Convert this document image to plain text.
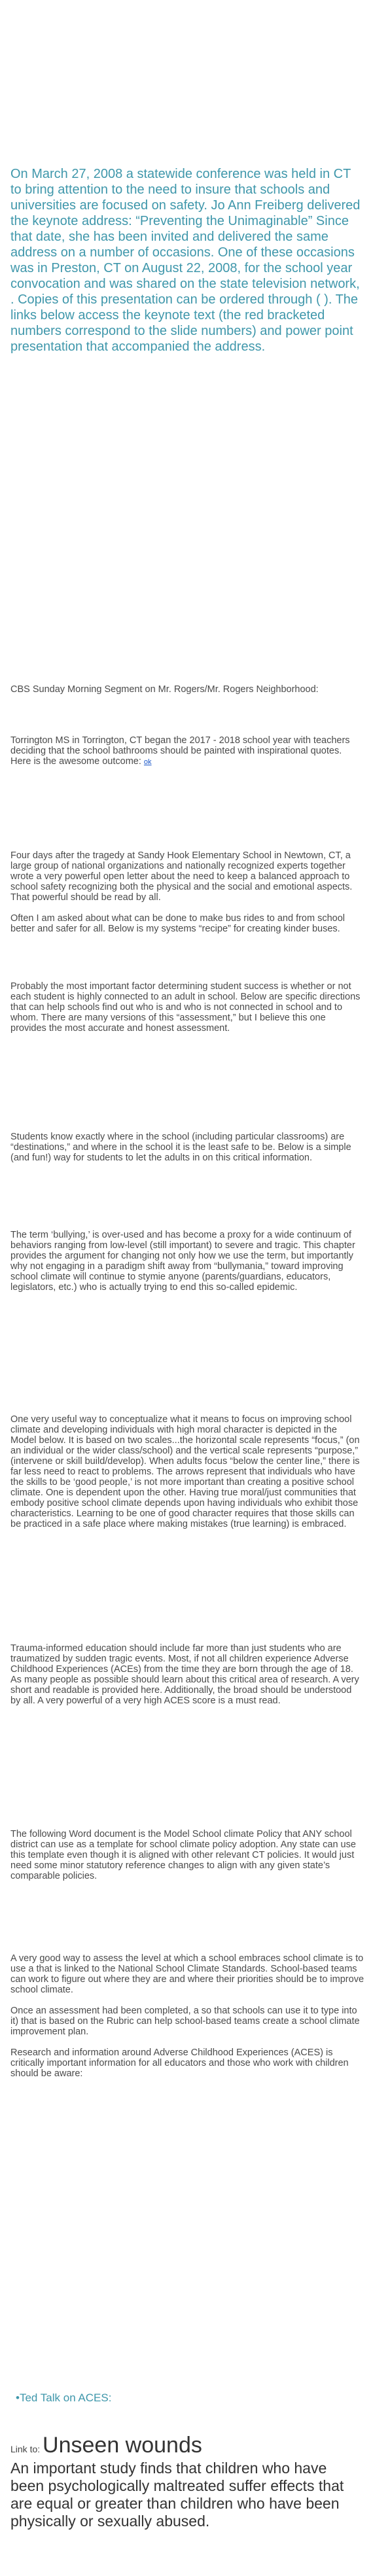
On March 27, 2008 a statewide conference was held in CT to bring attention to the need to insure that schools and universities are focused on safety. Jo Ann Freiberg delivered the keynote address: “Preventing the Unimaginable” Since that date, she has been invited and delivered the same address on a number of occasions. One of these occasions was in Preston, CT on August 22, 2008, for the school year convocation and was shared on the state television network, . Copies of this presentation can be ordered through ( ). The links below access the keynote text (the red bracketed numbers correspond to the slide numbers) and power point presentation that accompanied the address.

CBS Sunday Morning Segment on Mr. Rogers/Mr. Rogers Neighborhood:

Torrington MS in Torrington, CT began the 2017 - 2018 school year with teachers deciding that the school bathrooms should be painted with inspirational quotes. Here is the awesome outcome: ok

Four days after the tragedy at Sandy Hook Elementary School in Newtown, CT, a large group of national organizations and nationally recognized experts together wrote a very powerful open letter about the need to keep a balanced approach to school safety recognizing both the physical and the social and emotional aspects. That powerful should be read by all.

Often I am asked about what can be done to make bus rides to and from school better and safer for all. Below is my systems “recipe” for creating kinder buses.

Probably the most important factor determining student success is whether or not each student is highly connected to an adult in school. Below are specific directions that can help schools find out who is and who is not connected in school and to whom. There are many versions of this “assessment,” but I believe this one provides the most accurate and honest assessment.

Students know exactly where in the school (including particular classrooms) are “destinations,” and where in the school it is the least safe to be. Below is a simple (and fun!) way for students to let the adults in on this critical information.

The term ‘bullying,’ is over-used and has become a proxy for a wide continuum of behaviors ranging from low-level (still important) to severe and tragic. This chapter provides the argument for changing not only how we use the term, but importantly why not engaging in a paradigm shift away from “bullymania,” toward improving school climate will continue to stymie anyone (parents/guardians, educators, legislators, etc.) who is actually trying to end this so-called epidemic.

One very useful way to conceptualize what it means to focus on improving school climate and developing individuals with high moral character is depicted in the Model below. It is based on two scales...the horizontal scale represents “focus,” (on an individual or the wider class/school) and the vertical scale represents “purpose,” (intervene or skill build/develop). When adults focus “below the center line,” there is far less need to react to problems. The arrows represent that individuals who have the skills to be ‘good people,’ is not more important than creating a positive school climate. One is dependent upon the other. Having true moral/just communities that embody positive school climate depends upon having individuals who exhibit those characteristics. Learning to be one of good character requires that those skills can be practiced in a safe place where making mistakes (true learning) is embraced.

Trauma-informed education should include far more than just students who are traumatized by sudden tragic events. Most, if not all children experience Adverse Childhood Experiences (ACEs) from the time they are born through the age of 18. As many people as possible should learn about this critical area of research. A very short and readable is provided here. Additionally, the broad should be understood by all. A very powerful of a very high ACES score is a must read.

The following Word document is the Model School climate Policy that ANY school district can use as a template for school climate policy adoption. Any state can use this template even though it is aligned with other relevant CT policies. It would just need some minor statutory reference changes to align with any given state’s comparable policies.

A very good way to assess the level at which a school embraces school climate is to use a that is linked to the National School Climate Standards. School-based teams can work to figure out where they are and where their priorities should be to improve school climate.

Once an assessment had been completed, a so that schools can use it to type into it) that is based on the Rubric can help school-based teams create a school climate improvement plan.

Research and information around Adverse Childhood Experiences (ACES) is critically important information for all educators and those who work with children should be aware:

•Ted Talk on ACES:
Link to: Unseen wounds
An important study finds that children who have been psychologically maltreated suffer effects that are equal or greater than children who have been physically or sexually abused.
